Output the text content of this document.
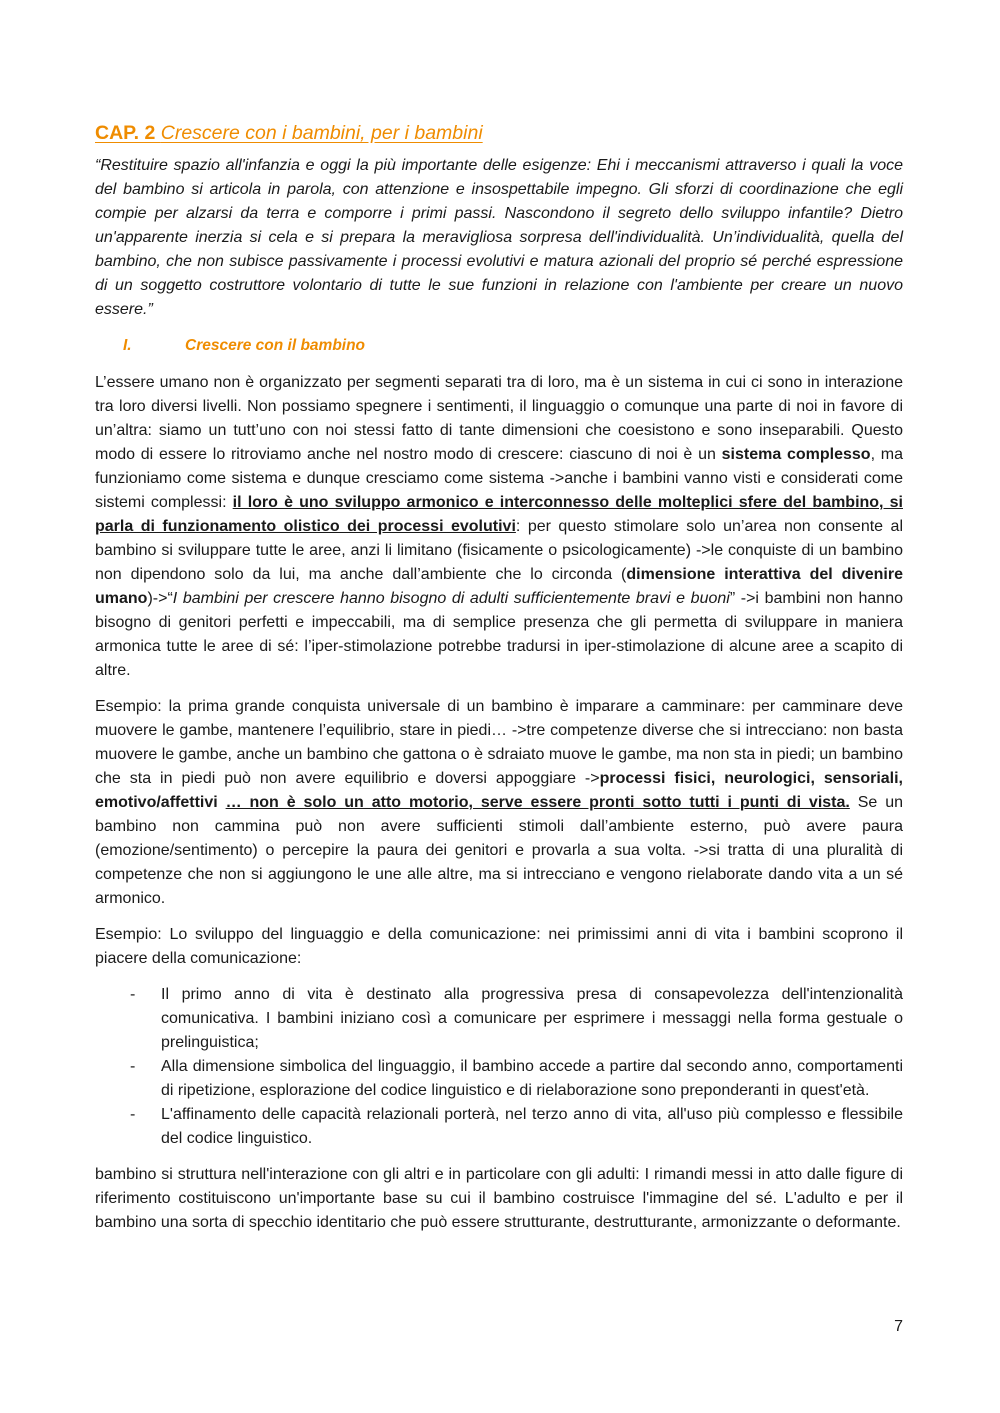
CAP. 2 Crescere con i bambini, per i bambini

“Restituire spazio all'infanzia e oggi la più importante delle esigenze: Ehi i meccanismi attraverso i quali la voce del bambino si articola in parola, con attenzione e insospettabile impegno. Gli sforzi di coordinazione che egli compie per alzarsi da terra e comporre i primi passi. Nascondono il segreto dello sviluppo infantile? Dietro un'apparente inerzia si cela e si prepara la meravigliosa sorpresa dell'individualità. Un’individualità, quella del bambino, che non subisce passivamente i processi evolutivi e matura azionali del proprio sé perché espressione di un soggetto costruttore volontario di tutte le sue funzioni in relazione con l'ambiente per creare un nuovo essere.”

I.	Crescere con il bambino

L’essere umano non è organizzato per segmenti separati tra di loro, ma è un sistema in cui ci sono in interazione tra loro diversi livelli. Non possiamo spegnere i sentimenti, il linguaggio o comunque una parte di noi in favore di un’altra: siamo un tutt’uno con noi stessi fatto di tante dimensioni che coesistono e sono inseparabili. Questo modo di essere lo ritroviamo anche nel nostro modo di crescere: ciascuno di noi è un sistema complesso, ma funzioniamo come sistema e dunque cresciamo come sistema ->anche i bambini vanno visti e considerati come sistemi complessi: il loro è uno sviluppo armonico e interconnesso delle molteplici sfere del bambino, si parla di funzionamento olistico dei processi evolutivi: per questo stimolare solo un’area non consente al bambino si sviluppare tutte le aree, anzi li limitano (fisicamente o psicologicamente) ->le conquiste di un bambino non dipendono solo da lui, ma anche dall’ambiente che lo circonda (dimensione interattiva del divenire umano)->“I bambini per crescere hanno bisogno di adulti sufficientemente bravi e buoni” ->i bambini non hanno bisogno di genitori perfetti e impeccabili, ma di semplice presenza che gli permetta di sviluppare in maniera armonica tutte le aree di sé: l’iper-stimolazione potrebbe tradursi in iper-stimolazione di alcune aree a scapito di altre.

Esempio: la prima grande conquista universale di un bambino è imparare a camminare: per camminare deve muovere le gambe, mantenere l’equilibrio, stare in piedi… ->tre competenze diverse che si intrecciano: non basta muovere le gambe, anche un bambino che gattona o è sdraiato muove le gambe, ma non sta in piedi; un bambino che sta in piedi può non avere equilibrio e doversi appoggiare ->processi fisici, neurologici, sensoriali, emotivo/affettivi … non è solo un atto motorio, serve essere pronti sotto tutti i punti di vista. Se un bambino non cammina può non avere sufficienti stimoli dall’ambiente esterno, può avere paura (emozione/sentimento) o percepire la paura dei genitori e provarla a sua volta. ->si tratta di una pluralità di competenze che non si aggiungono le une alle altre, ma si intrecciano e vengono rielaborate dando vita a un sé armonico.

Esempio: Lo sviluppo del linguaggio e della comunicazione: nei primissimi anni di vita i bambini scoprono il piacere della comunicazione:

-	Il primo anno di vita è destinato alla progressiva presa di consapevolezza dell'intenzionalità comunicativa. I bambini iniziano così a comunicare per esprimere i messaggi nella forma gestuale o prelinguistica;
-	Alla dimensione simbolica del linguaggio, il bambino accede a partire dal secondo anno, comportamenti di ripetizione, esplorazione del codice linguistico e di rielaborazione sono preponderanti in quest'età.
-	L'affinamento delle capacità relazionali porterà, nel terzo anno di vita, all'uso più complesso e flessibile del codice linguistico.

bambino si struttura nell'interazione con gli altri e in particolare con gli adulti: I rimandi messi in atto dalle figure di riferimento costituiscono un'importante base su cui il bambino costruisce l'immagine del sé. L'adulto e per il bambino una sorta di specchio identitario che può essere strutturante, destrutturante, armonizzante o deformante.

7
